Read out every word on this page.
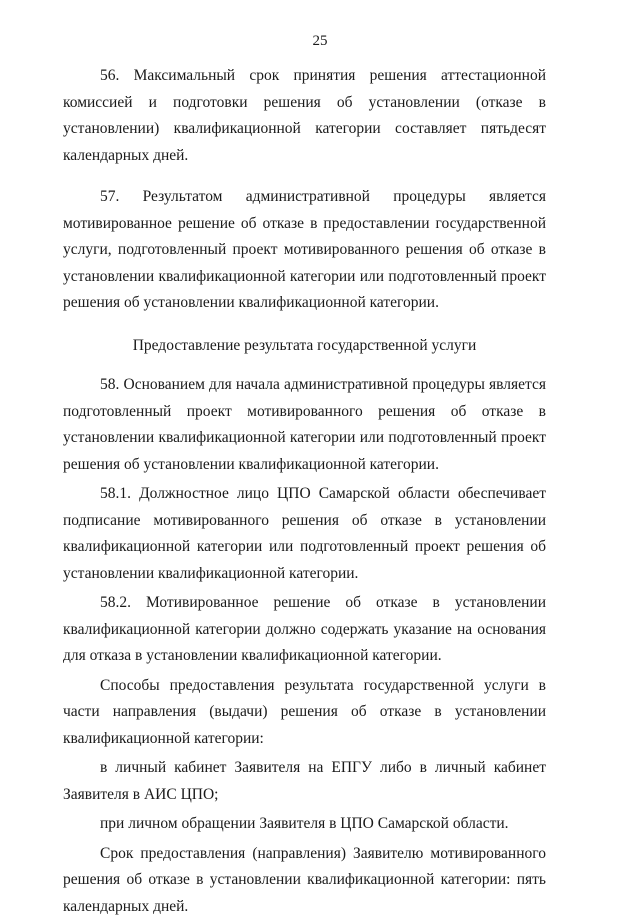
25

56. Максимальный срок принятия решения аттестационной комиссией и подготовки решения об установлении (отказе в установлении) квалификационной категории составляет пятьдесят календарных дней.

57. Результатом административной процедуры является мотивированное решение об отказе в предоставлении государственной услуги, подготовленный проект мотивированного решения об отказе в установлении квалификационной категории или подготовленный проект решения об установлении квалификационной категории.

Предоставление результата государственной услуги

58. Основанием для начала административной процедуры является подготовленный проект мотивированного решения об отказе в установлении квалификационной категории или подготовленный проект решения об установлении квалификационной категории.

58.1. Должностное лицо ЦПО Самарской области обеспечивает подписание мотивированного решения об отказе в установлении квалификационной категории или подготовленный проект решения об установлении квалификационной категории.

58.2. Мотивированное решение об отказе в установлении квалификационной категории должно содержать указание на основания для отказа в установлении квалификационной категории.

Способы предоставления результата государственной услуги в части направления (выдачи) решения об отказе в установлении квалификационной категории:

в личный кабинет Заявителя на ЕПГУ либо в личный кабинет Заявителя в АИС ЦПО;

при личном обращении Заявителя в ЦПО Самарской области.

Срок предоставления (направления) Заявителю мотивированного решения об отказе в установлении квалификационной категории: пять календарных дней.
